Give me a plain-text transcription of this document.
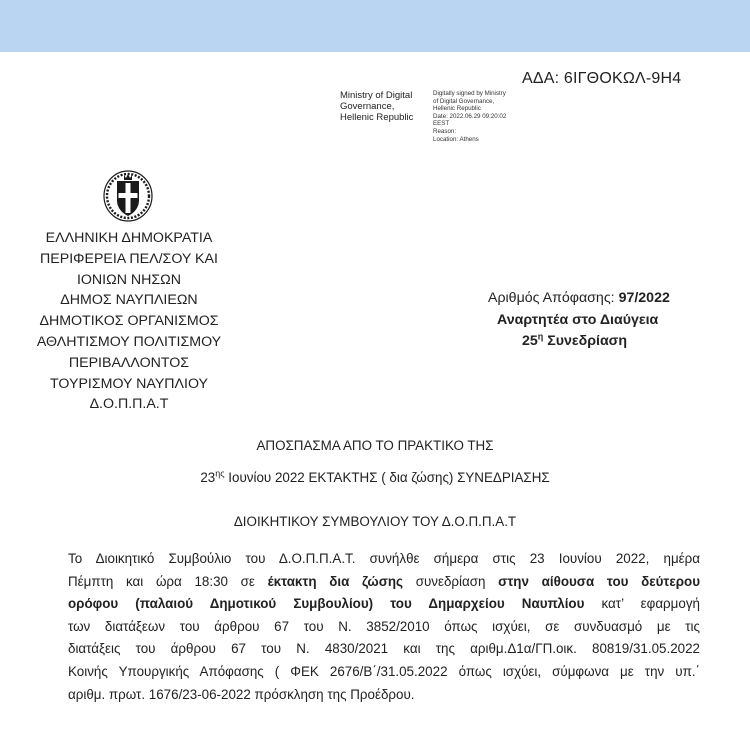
ΑΔΑ: 6ΙΓΘΟΚΩΛ-9Η4
Ministry of Digital
Governance,
Hellenic Republic
Digitally signed by Ministry
of Digital Governance,
Hellenic Republic
Date: 2022.06.29 09:20:02
EEST
Reason:
Location: Athens
ΕΛΛΗΝΙΚΗ ΔΗΜΟΚΡΑΤΙΑ
ΠΕΡΙΦΕΡΕΙΑ ΠΕΛ/ΣΟΥ ΚΑΙ
ΙΟΝΙΩΝ ΝΗΣΩΝ
ΔΗΜΟΣ ΝΑΥΠΛΙΕΩΝ
ΔΗΜΟΤΙΚΟΣ ΟΡΓΑΝΙΣΜΟΣ
ΑΘΛΗΤΙΣΜΟΥ ΠΟΛΙΤΙΣΜΟΥ
ΠΕΡΙΒΑΛΛΟΝΤΟΣ
ΤΟΥΡΙΣΜΟΥ ΝΑΥΠΛΙΟΥ
Δ.Ο.Π.Π.Α.Τ
Αριθμός Απόφασης: 97/2022
Αναρτητέα στο Διαύγεια
$25^\eta$ Συνεδρίαση
ΑΠΟΣΠΑΣΜΑ ΑΠΟ ΤΟ ΠΡΑΚΤΙΚΟ ΤΗΣ
$23^{\eta\varsigma}$ Ιουνίου 2022 ΕΚΤΑΚΤΗΣ ( δια ζώσης) ΣΥΝΕΔΡΙΑΣΗΣ
ΔΙΟΙΚΗΤΙΚΟΥ ΣΥΜΒΟΥΛΙΟΥ ΤΟΥ Δ.Ο.Π.Π.Α.Τ
Το Διοικητικό Συμβούλιο του Δ.Ο.Π.Π.Α.Τ. συνήλθε σήμερα στις 23 Ιουνίου 2022, ημέρα
Πέμπτη και ώρα 18:30 σε έκτακτη δια ζώσης συνεδρίαση στην αίθουσα του δεύτερου
ορόφου (παλαιού Δημοτικού Συμβουλίου) του Δημαρχείου Ναυπλίου κατ’ εφαρμογή
των διατάξεων του άρθρου 67 του Ν. 3852/2010 όπως ισχύει, σε συνδυασμό με τις
διατάξεις του άρθρου 67 του Ν. 4830/2021 και της αριθμ.Δ1α/ΓΠ.οικ. 80819/31.05.2022
Κοινής Υπουργικής Απόφασης ( ΦΕΚ 2676/Β΄/31.05.2022 όπως ισχύει, σύμφωνα με την υπ.΄
αριθμ. πρωτ. 1676/23-06-2022 πρόσκληση της Προέδρου.
